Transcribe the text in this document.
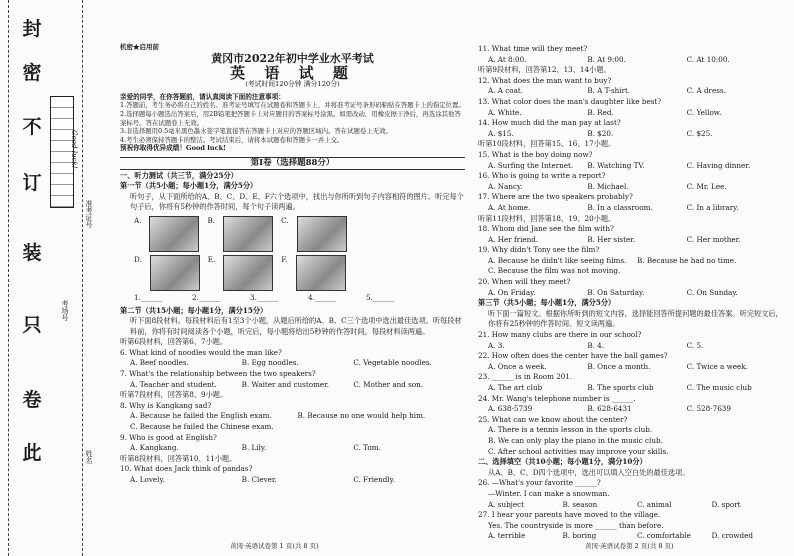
此
卷
只
装
订
不
密
封
准考证号
姓名
考场号
Good luck!
机密★启用前
黄冈市2022年初中学业水平考试
英 语 试 题
(考试时间120分钟 满分120分)
亲爱的同学，在你答题前，请认真阅读下面的注意事项：
1.答题前，考生务必将自己的姓名、准考证号填写在试题卷和答题卡上，并将准考证号条形码粘贴在答题卡上的指定位置。
2.选择题每小题选出答案后，用2B铅笔把答题卡上对应题目的答案标号涂黑。如需改动，用橡皮擦干净后，再选涂其他答案标号。答在试题卷上无效。
3.非选择题用0.5毫米黑色墨水签字笔直接答在答题卡上对应的答题区域内。答在试题卷上无效。
4.考生必须保持答题卡的整洁。考试结束后，请将本试题卷和答题卡一并上交。
预祝你取得优异成绩！Good luck!
第Ⅰ卷（选择题88分）
一、听力测试（共三节，满分25分）
第一节（共5小题；每小题1分，满分5分）
听句子，从下面所给的A、B、C、D、E、F六个选项中，找出与你所听到句子内容相符的图片。听完每个句子后，你将有5秒钟的作答时间，每个句子读两遍。
A.	B.	C.
D.	E.	F.
1.______	2.______	3.______	4.______	5.______
第二节（共15小题；每小题1分，满分15分）
听下面8段材料。每段材料后有1至3个小题，从题后所给的A、B、C三个选项中选出最佳选项。听每段材料前，你将有时间阅读各个小题，听完后，每小题将给出5秒钟的作答时间。每段材料读两遍。
听第6段材料，回答第6、7小题。
6. What kind of noodles would the man like?
A. Beef noodles.	B. Egg noodles.	C. Vegetable noodles.
7. What's the relationship between the two speakers?
A. Teacher and student.	B. Waiter and customer.	C. Mother and son.
听第7段材料，回答第8、9小题。
8. Why is Kangkang sad?
A. Because he failed the English exam.	B. Because no one would help him.
C. Because he failed the Chinese exam.
9. Who is good at English?
A. Kangkang.	B. Lily.	C. Tom.
听第8段材料，回答第10、11小题。
10. What does Jack think of pandas?
A. Lovely.	B. Clever.	C. Friendly.
11. What time will they meet?
A. At 8:00.	B. At 9:00.	C. At 10:00.
听第9段材料，回答第12、13、14小题。
12. What does the man want to buy?
A. A coat.	B. A T-shirt.	C. A dress.
13. What color does the man's daughter like best?
A. White.	B. Red.	C. Yellow.
14. How much did the man pay at last?
A. $15.	B. $20.	C. $25.
听第10段材料，回答第15、16、17小题。
15. What is the boy doing now?
A. Surfing the Internet.	B. Watching TV.	C. Having dinner.
16. Who is going to write a report?
A. Nancy.	B. Michael.	C. Mr. Lee.
17. Where are the two speakers probably?
A. At home.	B. In a classroom.	C. In a library.
听第11段材料，回答第18、19、20小题。
18. Whom did Jane see the film with?
A. Her friend.	B. Her sister.	C. Her mother.
19. Why didn't Tony see the film?
A. Because he didn't like seeing films.	B. Because he had no time.
C. Because the film was not moving.
20. When will they meet?
A. On Friday.	B. On Saturday.	C. On Sunday.
第三节（共5小题；每小题1分，满分5分）
听下面一篇短文。根据你所听到的短文内容，选择能回答所提问题的最佳答案。听完短文后，你将有25秒钟的作答时间。短文读两遍。
21. How many clubs are there in our school?
A. 3.	B. 4.	C. 5.
22. How often does the center have the ball games?
A. Once a week.	B. Once a month.	C. Twice a week.
23. ______ is in Room 201.
A. The art club	B. The sports club	C. The music club
24. Mr. Wang's telephone number is ______.
A. 638-5739	B. 628-6431	C. 528-7639
25. What can we know about the center?
A. There is a tennis lesson in the sports club.
B. We can only play the piano in the music club.
C. After school activities may improve your skills.
二、选择填空（共10小题；每小题1分，满分10分）
从A、B、C、D四个选项中，选出可以填入空白处的最佳选项。
26. —What's your favorite ______?
—Winter. I can make a snowman.
A. subject	B. season	C. animal	D. sport
27. I hear your parents have moved to the village.
Yes. The countryside is more ______ than before.
A. terrible	B. boring	C. comfortable	D. crowded
黄冈·英语试卷第 1 页(共 8 页)	黄冈·英语试卷第 2 页(共 8 页)
